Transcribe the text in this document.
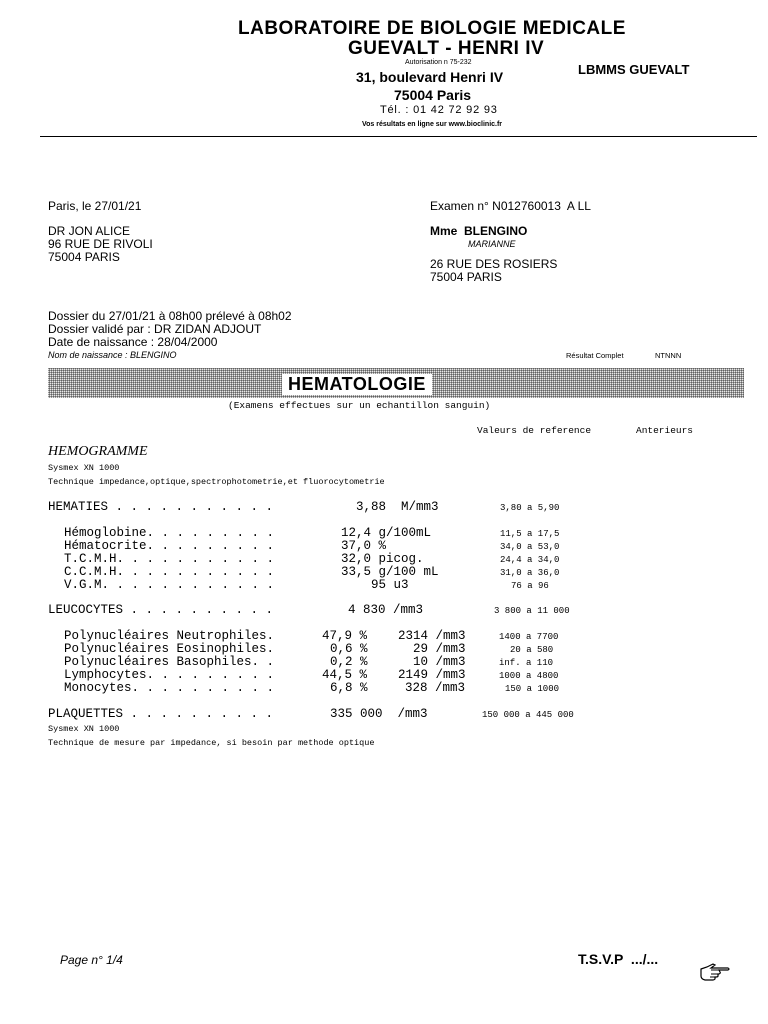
LABORATOIRE DE BIOLOGIE MEDICALE
GUEVALT - HENRI IV
Autorisation n 75-232
31, boulevard Henri IV
75004 Paris
Tél. : 01 42 72 92 93
Vos résultats en ligne sur www.bioclinic.fr
LBMMS GUEVALT
Paris, le 27/01/21	Examen n° N012760013  A LL
DR JON ALICE
96 RUE DE RIVOLI
75004 PARIS
Mme  BLENGINO
MARIANNE
26 RUE DES ROSIERS
75004 PARIS
Dossier du 27/01/21 à 08h00 prélevé à 08h02
Dossier validé par : DR ZIDAN ADJOUT
Date de naissance : 28/04/2000
Nom de naissance : BLENGINO	Résultat Complet	NTNNN
HEMATOLOGIE
(Examens effectues sur un echantillon sanguin)
Valeurs de reference	Anterieurs
HEMOGRAMME
Sysmex XN 1000
Technique impedance,optique,spectrophotometrie,et fluorocytometrie
HEMATIES . . . . . . . . . . .	3,88  M/mm3	3,80 a 5,90
Hémoglobine. . . . . . . . .	12,4 g/100mL	11,5 a 17,5
Hématocrite. . . . . . . . .	37,0 %	34,0 a 53,0
T.C.M.H. . . . . . . . . . .	32,0 picog.	24,4 a 34,0
C.C.M.H. . . . . . . . . . .	33,5 g/100 mL	31,0 a 36,0
V.G.M. . . . . . . . . . . .	95 u3	76 a 96
LEUCOCYTES . . . . . . . . . .	4 830 /mm3	3 800 a 11 000
Polynucléaires Neutrophiles.	47,9 % 2314 /mm3	1400 a 7700
Polynucléaires Eosinophiles.	0,6 %	29 /mm3	20 a 580
Polynucléaires Basophiles. .	0,2 %	10 /mm3	inf. a 110
Lymphocytes. . . . . . . . .	44,5 % 2149 /mm3	1000 a 4800
Monocytes. . . . . . . . . .	6,8 %	328 /mm3	150 a 1000
PLAQUETTES . . . . . . . . . .	335 000  /mm3	150 000 a 445 000
Sysmex XN 1000
Technique de mesure par impedance, si besoin par methode optique
Page n° 1/4	T.S.V.P  .../...
